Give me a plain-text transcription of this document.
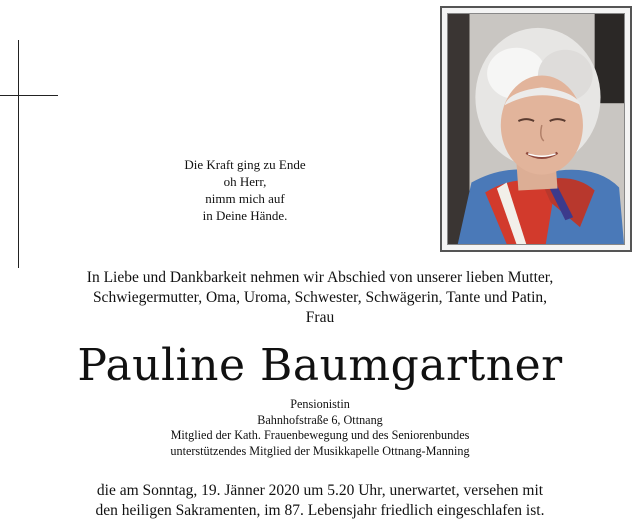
Die Kraft ging zu Ende
oh Herr,
nimm mich auf
in Deine Hände.
In Liebe und Dankbarkeit nehmen wir Abschied von unserer lieben Mutter,
Schwiegermutter, Oma, Uroma, Schwester, Schwägerin, Tante und Patin,
Frau
Pauline Baumgartner
Pensionistin
Bahnhofstraße 6, Ottnang
Mitglied der Kath. Frauenbewegung und des Seniorenbundes
unterstützendes Mitglied der Musikkapelle Ottnang-Manning
die am Sonntag, 19. Jänner 2020 um 5.20 Uhr, unerwartet, versehen mit
den heiligen Sakramenten, im 87. Lebensjahr friedlich eingeschlafen ist.
